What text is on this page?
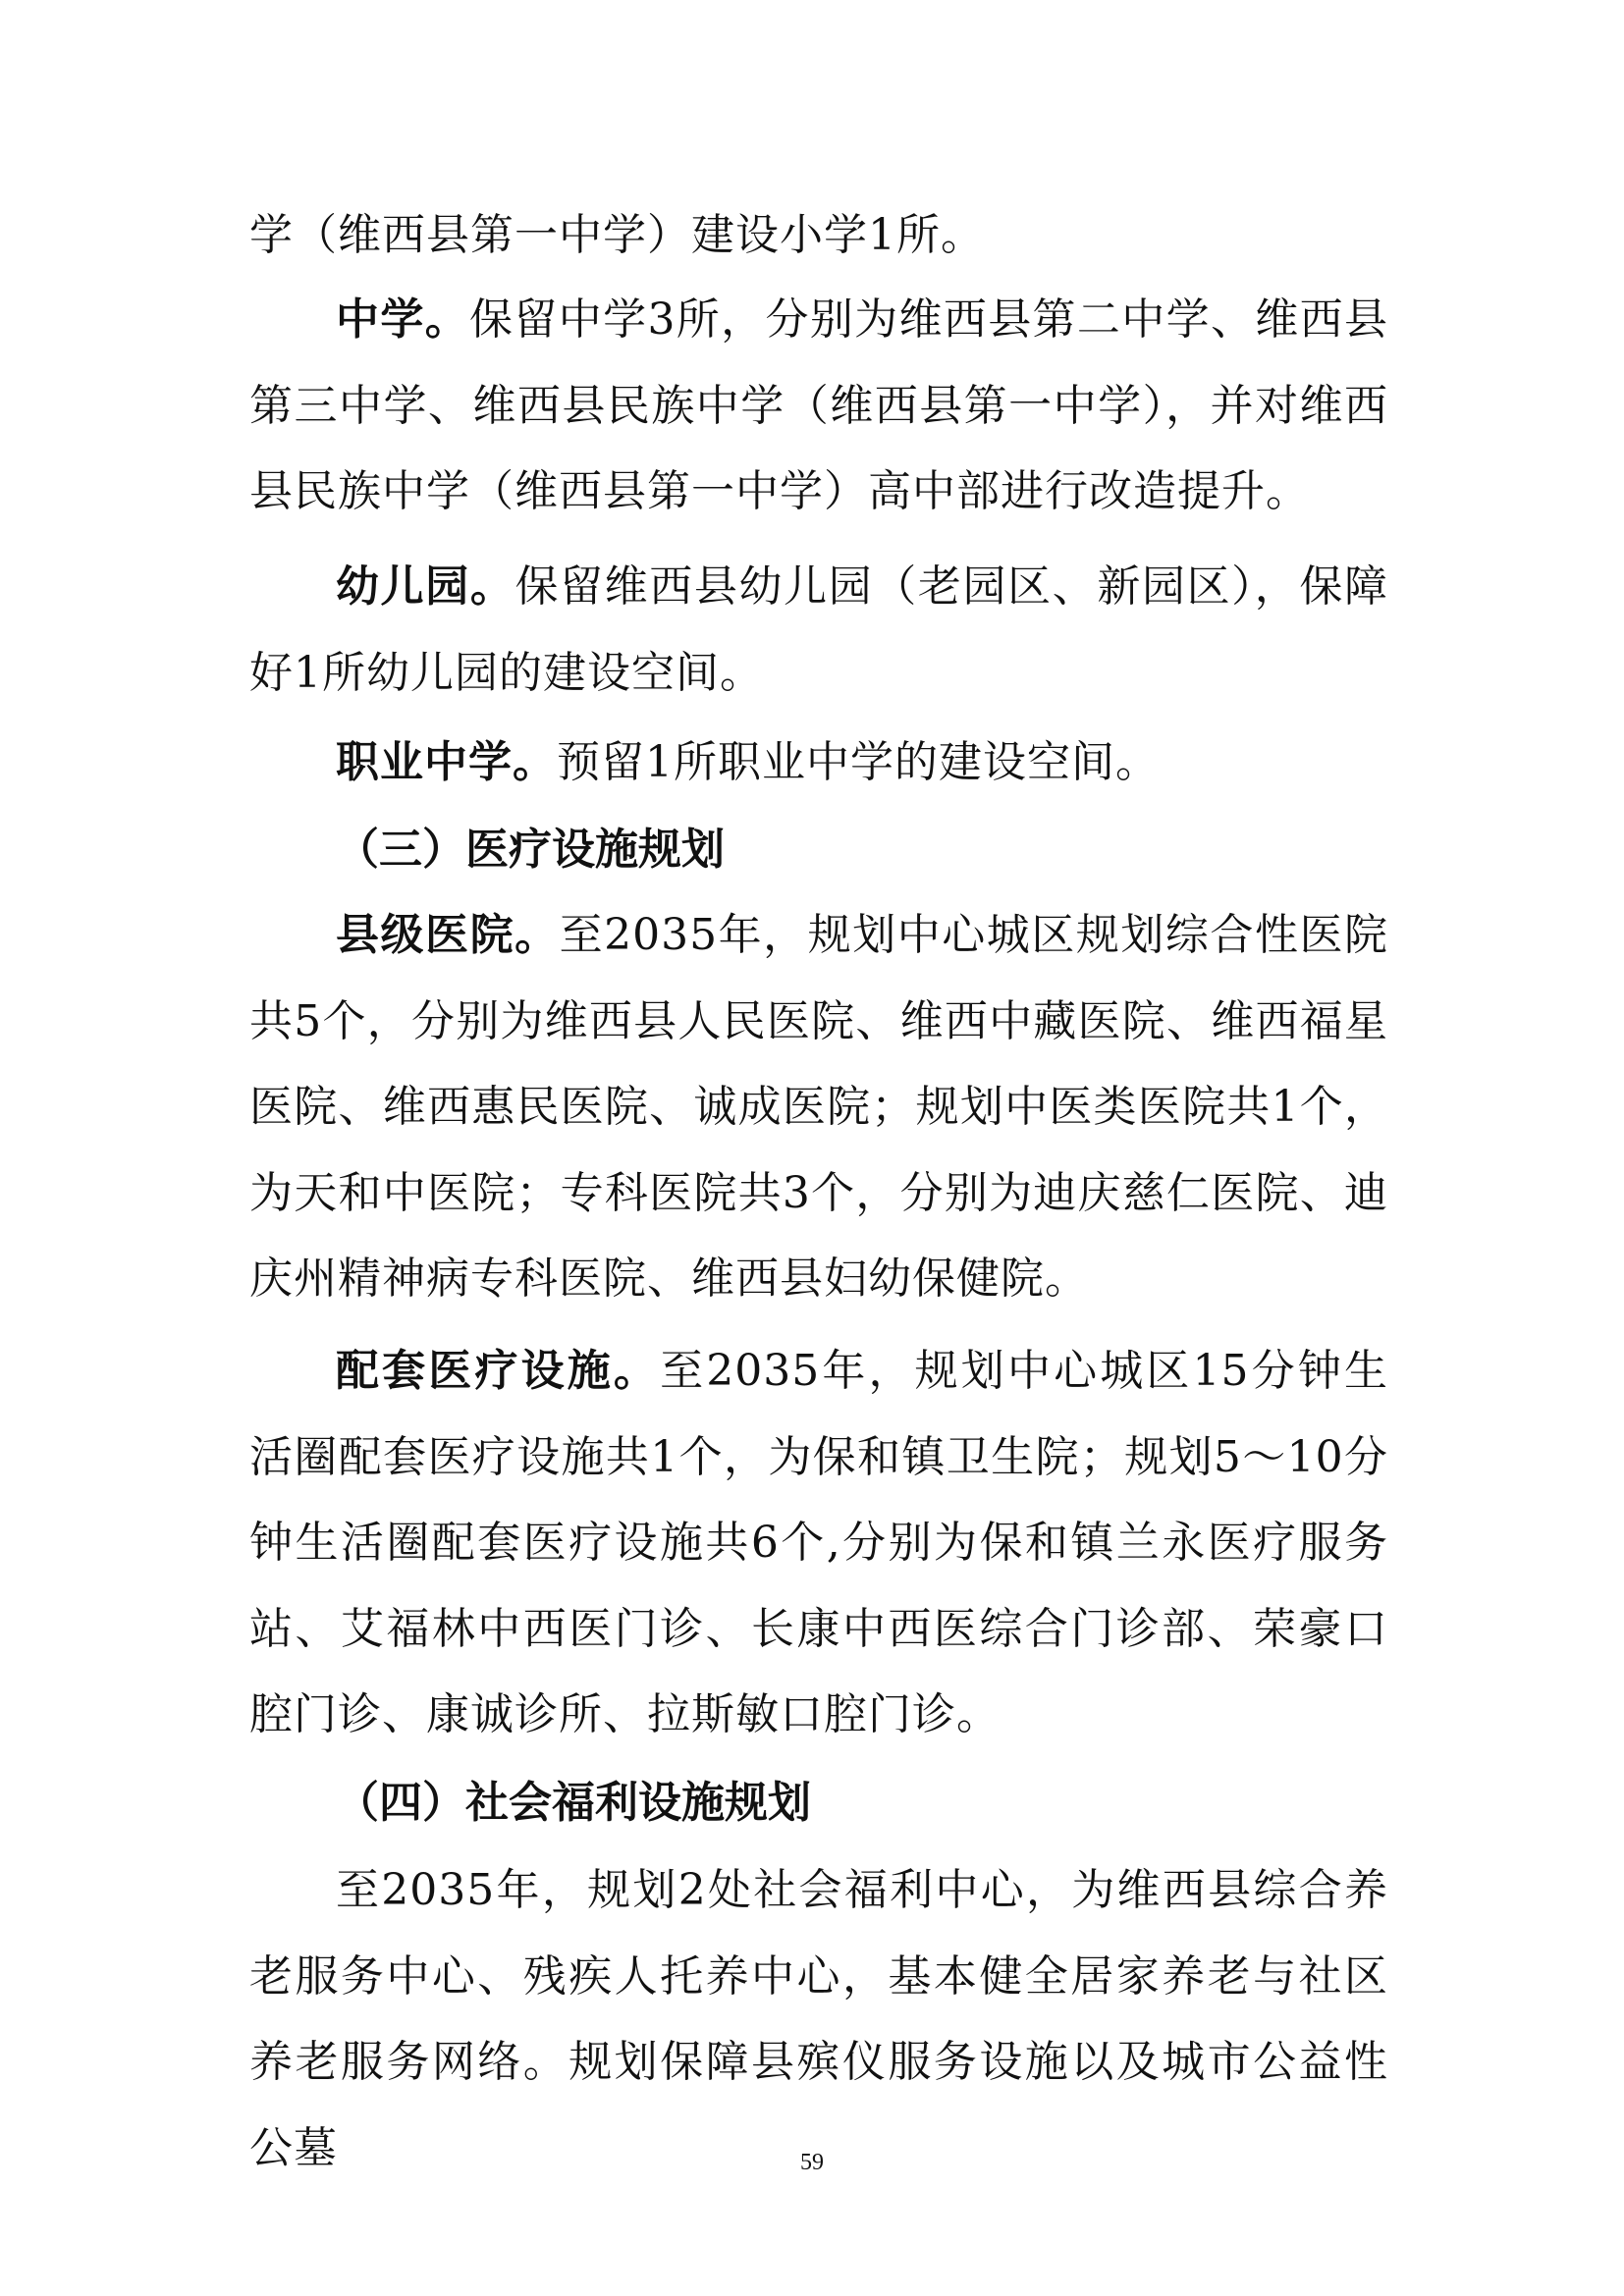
学（维西县第一中学）建设小学1所。

中学。保留中学3所，分别为维西县第二中学、维西县第三中学、维西县民族中学（维西县第一中学），并对维西县民族中学（维西县第一中学）高中部进行改造提升。

幼儿园。保留维西县幼儿园（老园区、新园区），保障好1所幼儿园的建设空间。

职业中学。预留1所职业中学的建设空间。

（三）医疗设施规划

县级医院。至2035年，规划中心城区规划综合性医院共5个，分别为维西县人民医院、维西中藏医院、维西福星医院、维西惠民医院、诚成医院；规划中医类医院共1个，为天和中医院；专科医院共3个，分别为迪庆慈仁医院、迪庆州精神病专科医院、维西县妇幼保健院。

配套医疗设施。至2035年，规划中心城区15分钟生活圈配套医疗设施共1个，为保和镇卫生院；规划5～10分钟生活圈配套医疗设施共6个,分别为保和镇兰永医疗服务站、艾福林中西医门诊、长康中西医综合门诊部、荣豪口腔门诊、康诚诊所、拉斯敏口腔门诊。

（四）社会福利设施规划

至2035年，规划2处社会福利中心，为维西县综合养老服务中心、残疾人托养中心，基本健全居家养老与社区养老服务网络。规划保障县殡仪服务设施以及城市公益性公墓	59
